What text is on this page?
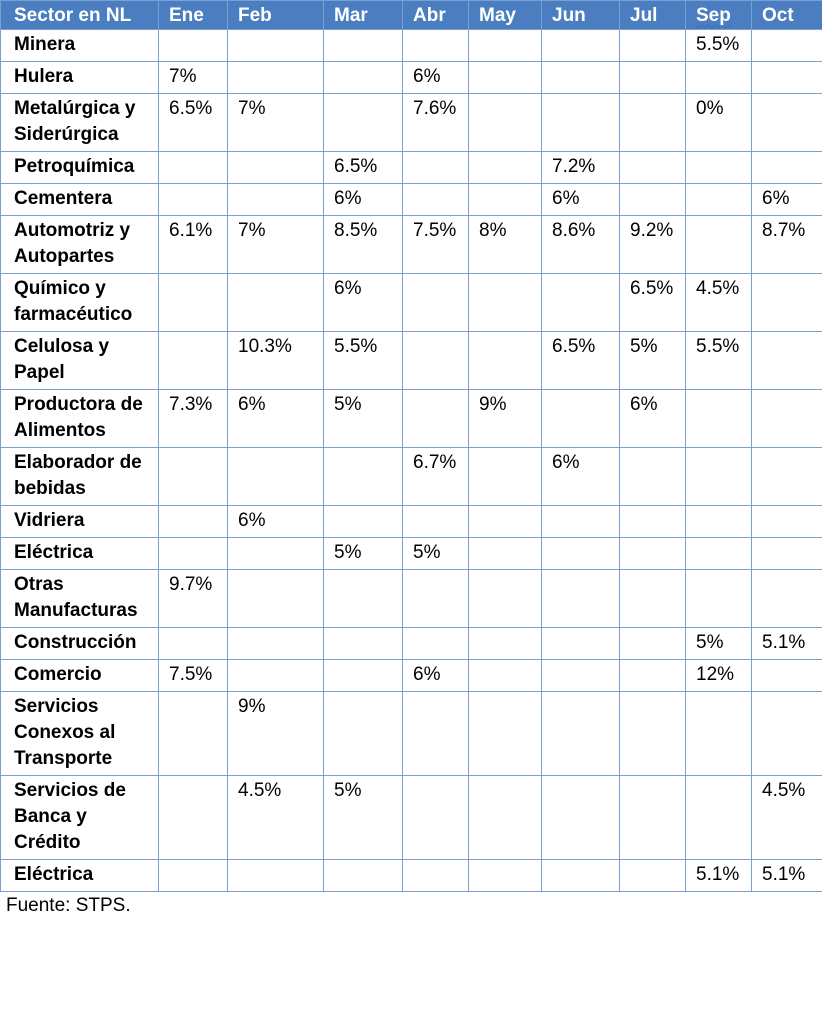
Sector en NL	Ene	Feb	Mar	Abr	May	Jun	Jul	Sep	Oct
Minera								5.5%	
Hulera	7%			6%					
Metalúrgica y Siderúrgica	6.5%	7%		7.6%				0%	
Petroquímica			6.5%			7.2%			
Cementera			6%			6%			6%
Automotriz y Autopartes	6.1%	7%	8.5%	7.5%	8%	8.6%	9.2%		8.7%
Químico y farmacéutico			6%				6.5%	4.5%	
Celulosa y Papel		10.3%	5.5%			6.5%	5%	5.5%	
Productora de Alimentos	7.3%	6%	5%		9%		6%		
Elaborador de bebidas				6.7%		6%			
Vidriera		6%							
Eléctrica			5%	5%					
Otras Manufacturas	9.7%								
Construcción								5%	5.1%
Comercio	7.5%			6%				12%	
Servicios Conexos al Transporte		9%							
Servicios de Banca y Crédito		4.5%	5%						4.5%
Eléctrica								5.1%	5.1%
Fuente: STPS.
